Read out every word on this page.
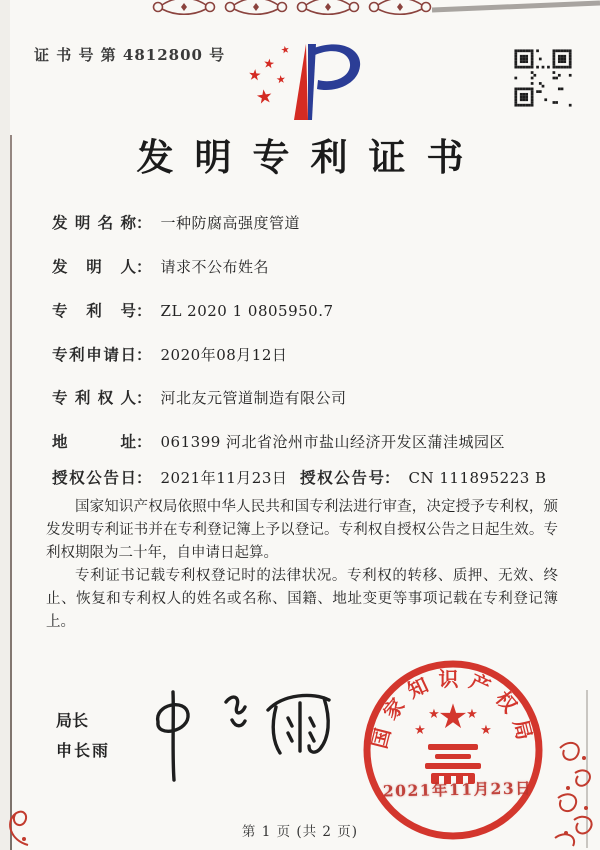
证 书 号 第 4812800 号	★
★
★
★
★
发明专利证书
发明名称： 一种防腐高强度管道
发明人： 请求不公布姓名
专利号： ZL 2020 1 0805950.7
专利申请日： 2020年08月12日
专利权人： 河北友元管道制造有限公司
地址： 061399 河北省沧州市盐山经济开发区蒲洼城园区
授权公告日： 2021年11月23日 授权公告号： CN 111895223 B

国家知识产权局依照中华人民共和国专利法进行审查，决定授予专利权，颁发发明专利证书并在专利登记簿上予以登记。专利权自授权公告之日起生效。专利权期限为二十年，自申请日起算。

专利证书记载专利权登记时的法律状况。专利权的转移、质押、无效、终止、恢复和专利权人的姓名或名称、国籍、地址变更等事项记载在专利登记簿上。

局长
申长雨	国家知识产权局
★
★
★ ★
★
2021年11月23日
第 1 页 (共 2 页)
